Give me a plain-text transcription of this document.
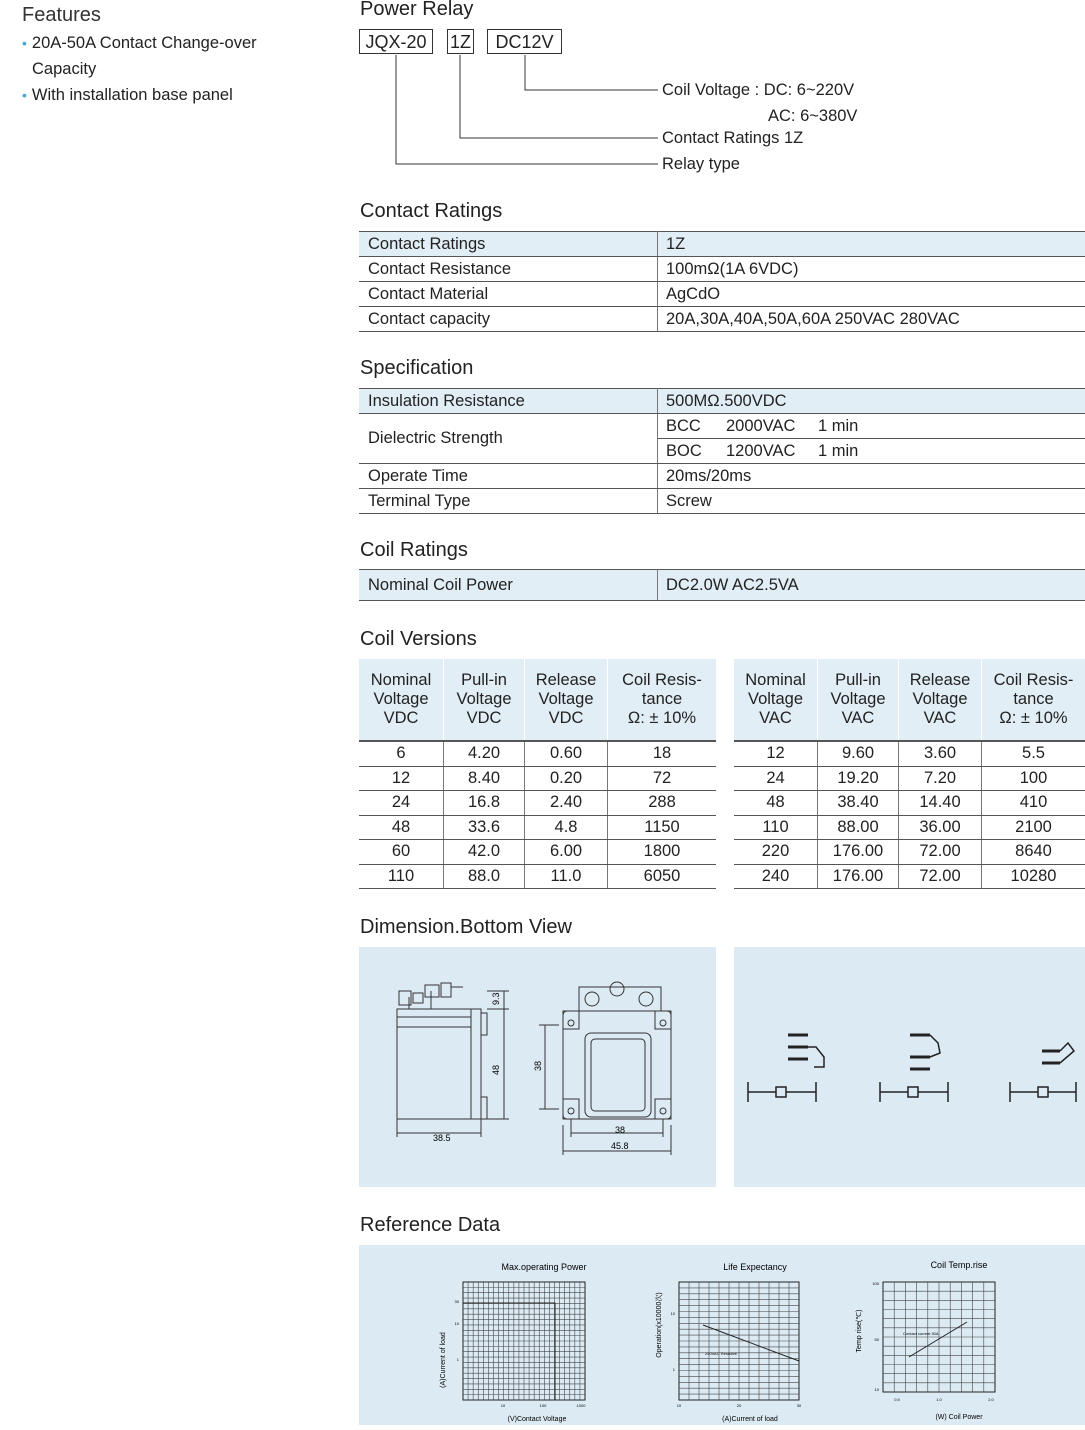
Features
• 20A-50A Contact Change-over
Capacity
• With installation base panel
Power Relay
JQX-20	1Z	DC12V
Coil Voltage : DC: 6~220V
AC: 6~380V
Contact Ratings 1Z
Relay type
Contact Ratings
Contact Ratings	1Z
Contact Resistance	100mΩ(1A 6VDC)
Contact Material	AgCdO
Contact capacity	20A,30A,40A,50A,60A 250VAC 280VAC
Specification
Insulation Resistance	500MΩ.500VDC
Dielectric Strength	BCC 2000VAC 1 min
	BOC 1200VAC 1 min
Operate Time	20ms/20ms
Terminal Type	Screw
Coil Ratings
Nominal Coil Power	DC2.0W AC2.5VA
Coil Versions
Nominal
Voltage
VDC	Pull-in
Voltage
VDC	Release
Voltage
VDC	Coil Resis-
tance
Ω: ± 10%
6	4.20	0.60	18
12	8.40	0.20	72
24	16.8	2.40	288
48	33.6	4.8	1150
60	42.0	6.00	1800
110	88.0	11.0	6050
Nominal
Voltage
VAC	Pull-in
Voltage
VAC	Release
Voltage
VAC	Coil Resis-
tance
Ω: ± 10%
12	9.60	3.60	5.5
24	19.20	7.20	100
48	38.40	14.40	410
110	88.00	36.00	2100
220	176.00	72.00	8640
240	176.00	72.00	10280
Dimension.Bottom View
9.3
48	38
38.5
38
45.8
Reference Data
Max.operating Power
(A)Current of load
(V)Contact Voltage
30
10
1
10	100	1000
Life Expectancy
Operation(x10000次)
(A)Current of load
250VAC Resistive
10
1
10	20	30
Coil Temp.rise
Temp rise(℃)
(W) Coil Power
Contact current 30A
100
50
10
0.5	1.0	2.0
